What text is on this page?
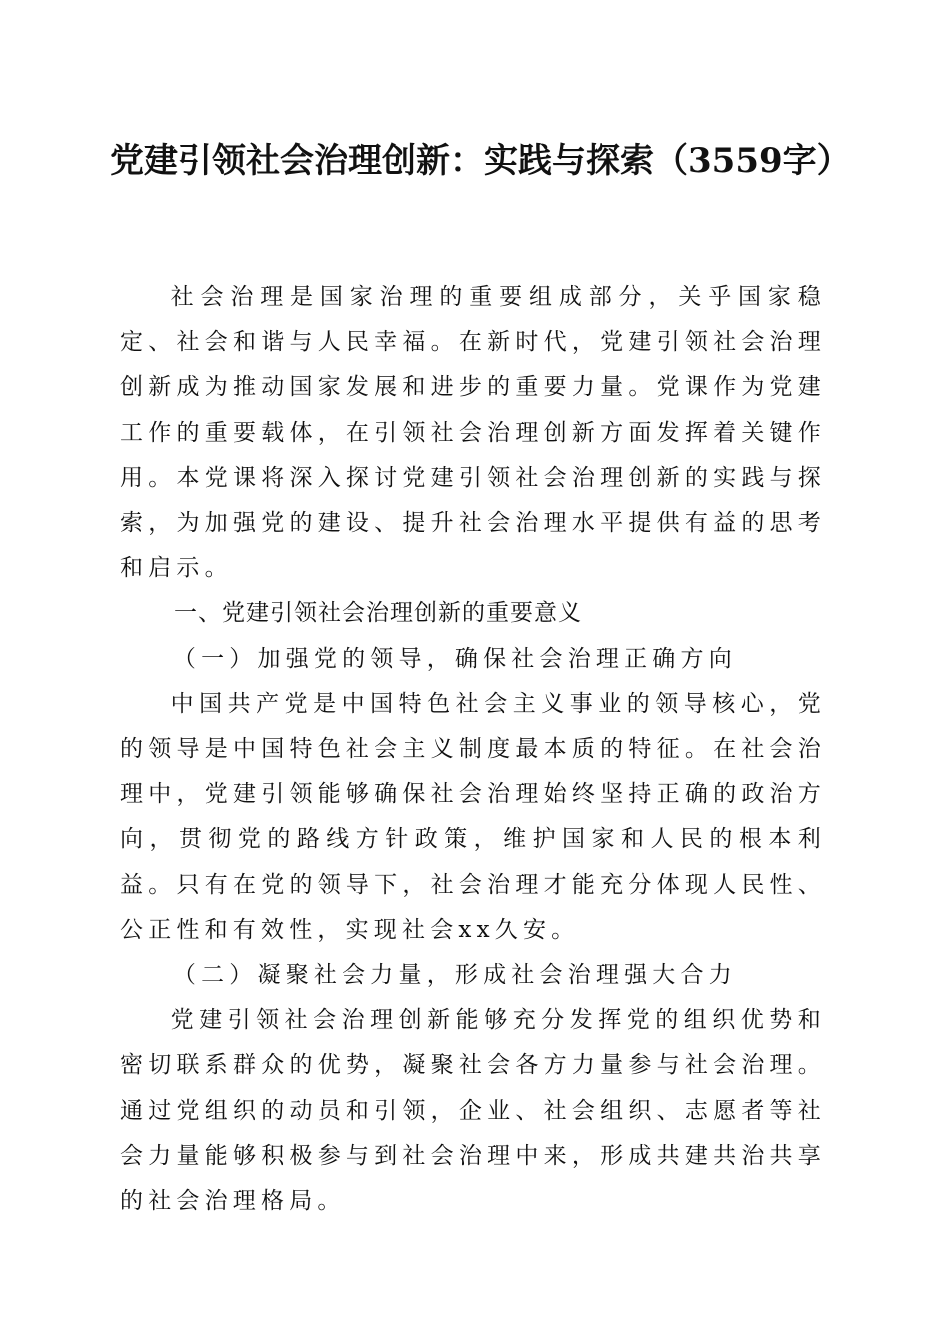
党建引领社会治理创新：实践与探索（3559字）

社会治理是国家治理的重要组成部分，关乎国家稳定、社会和谐与人民幸福。在新时代，党建引领社会治理创新成为推动国家发展和进步的重要力量。党课作为党建工作的重要载体，在引领社会治理创新方面发挥着关键作用。本党课将深入探讨党建引领社会治理创新的实践与探索，为加强党的建设、提升社会治理水平提供有益的思考和启示。

一、党建引领社会治理创新的重要意义

（一）加强党的领导，确保社会治理正确方向

中国共产党是中国特色社会主义事业的领导核心，党的领导是中国特色社会主义制度最本质的特征。在社会治理中，党建引领能够确保社会治理始终坚持正确的政治方向，贯彻党的路线方针政策，维护国家和人民的根本利益。只有在党的领导下，社会治理才能充分体现人民性、公正性和有效性，实现社会xx久安。

（二）凝聚社会力量，形成社会治理强大合力

党建引领社会治理创新能够充分发挥党的组织优势和密切联系群众的优势，凝聚社会各方力量参与社会治理。通过党组织的动员和引领，企业、社会组织、志愿者等社会力量能够积极参与到社会治理中来，形成共建共治共享的社会治理格局。
